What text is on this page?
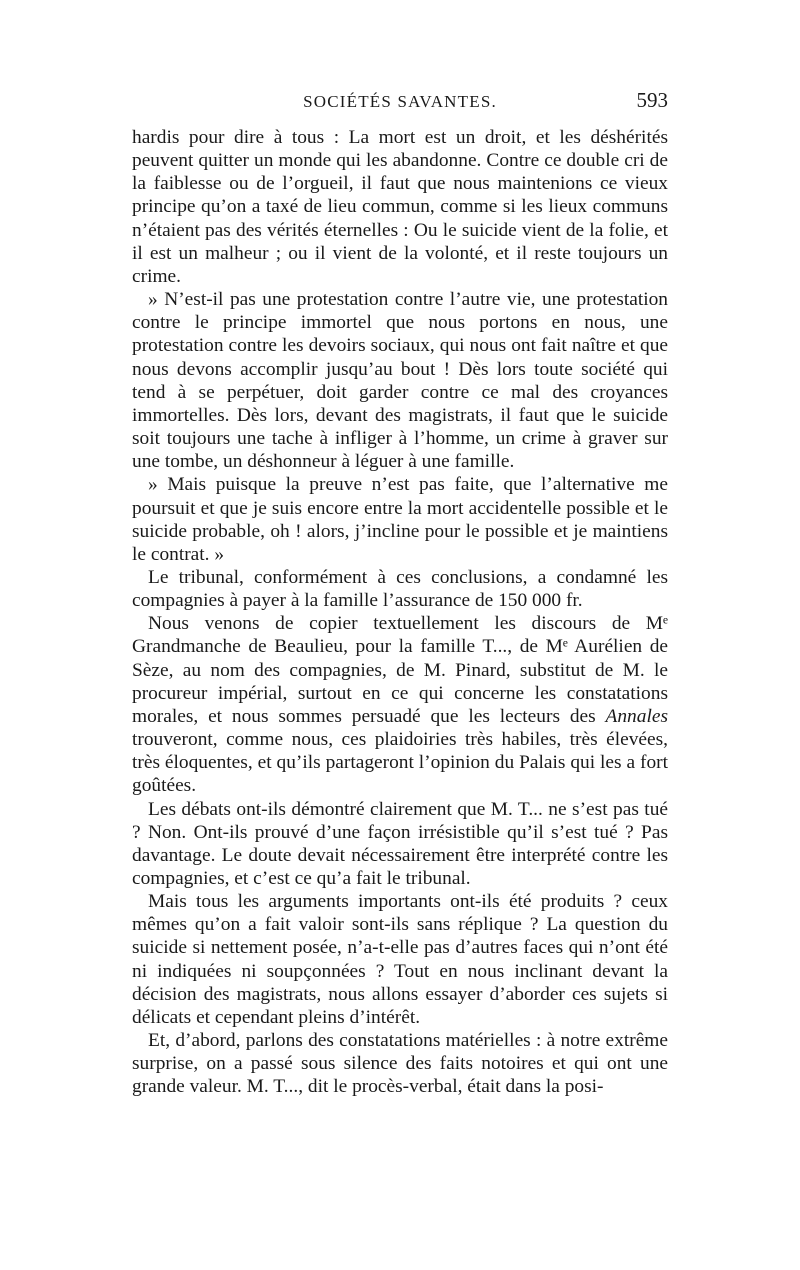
SOCIÉTÉS SAVANTES.	593

hardis pour dire à tous : La mort est un droit, et les déshérités peuvent quitter un monde qui les abandonne. Contre ce double cri de la faiblesse ou de l’orgueil, il faut que nous maintenions ce vieux principe qu’on a taxé de lieu commun, comme si les lieux communs n’étaient pas des vérités éternelles : Ou le suicide vient de la folie, et il est un malheur ; ou il vient de la volonté, et il reste toujours un crime.

» N’est-il pas une protestation contre l’autre vie, une protestation contre le principe immortel que nous portons en nous, une protestation contre les devoirs sociaux, qui nous ont fait naître et que nous devons accomplir jusqu’au bout ! Dès lors toute société qui tend à se perpétuer, doit garder contre ce mal des croyances immortelles. Dès lors, devant des magistrats, il faut que le suicide soit toujours une tache à infliger à l’homme, un crime à graver sur une tombe, un déshonneur à léguer à une famille.

» Mais puisque la preuve n’est pas faite, que l’alternative me poursuit et que je suis encore entre la mort accidentelle possible et le suicide probable, oh ! alors, j’incline pour le possible et je maintiens le contrat. »

Le tribunal, conformément à ces conclusions, a condamné les compagnies à payer à la famille l’assurance de 150 000 fr.

Nous venons de copier textuellement les discours de Mᵉ Grandmanche de Beaulieu, pour la famille T..., de Mᵉ Aurélien de Sèze, au nom des compagnies, de M. Pinard, substitut de M. le procureur impérial, surtout en ce qui concerne les constatations morales, et nous sommes persuadé que les lecteurs des Annales trouveront, comme nous, ces plaidoiries très habiles, très élevées, très éloquentes, et qu’ils partageront l’opinion du Palais qui les a fort goûtées.

Les débats ont-ils démontré clairement que M. T... ne s’est pas tué ? Non. Ont-ils prouvé d’une façon irrésistible qu’il s’est tué ? Pas davantage. Le doute devait nécessairement être interprété contre les compagnies, et c’est ce qu’a fait le tribunal.

Mais tous les arguments importants ont-ils été produits ? ceux mêmes qu’on a fait valoir sont-ils sans réplique ? La question du suicide si nettement posée, n’a-t-elle pas d’autres faces qui n’ont été ni indiquées ni soupçonnées ? Tout en nous inclinant devant la décision des magistrats, nous allons essayer d’aborder ces sujets si délicats et cependant pleins d’intérêt.

Et, d’abord, parlons des constatations matérielles : à notre extrême surprise, on a passé sous silence des faits notoires et qui ont une grande valeur. M. T..., dit le procès-verbal, était dans la posi-
